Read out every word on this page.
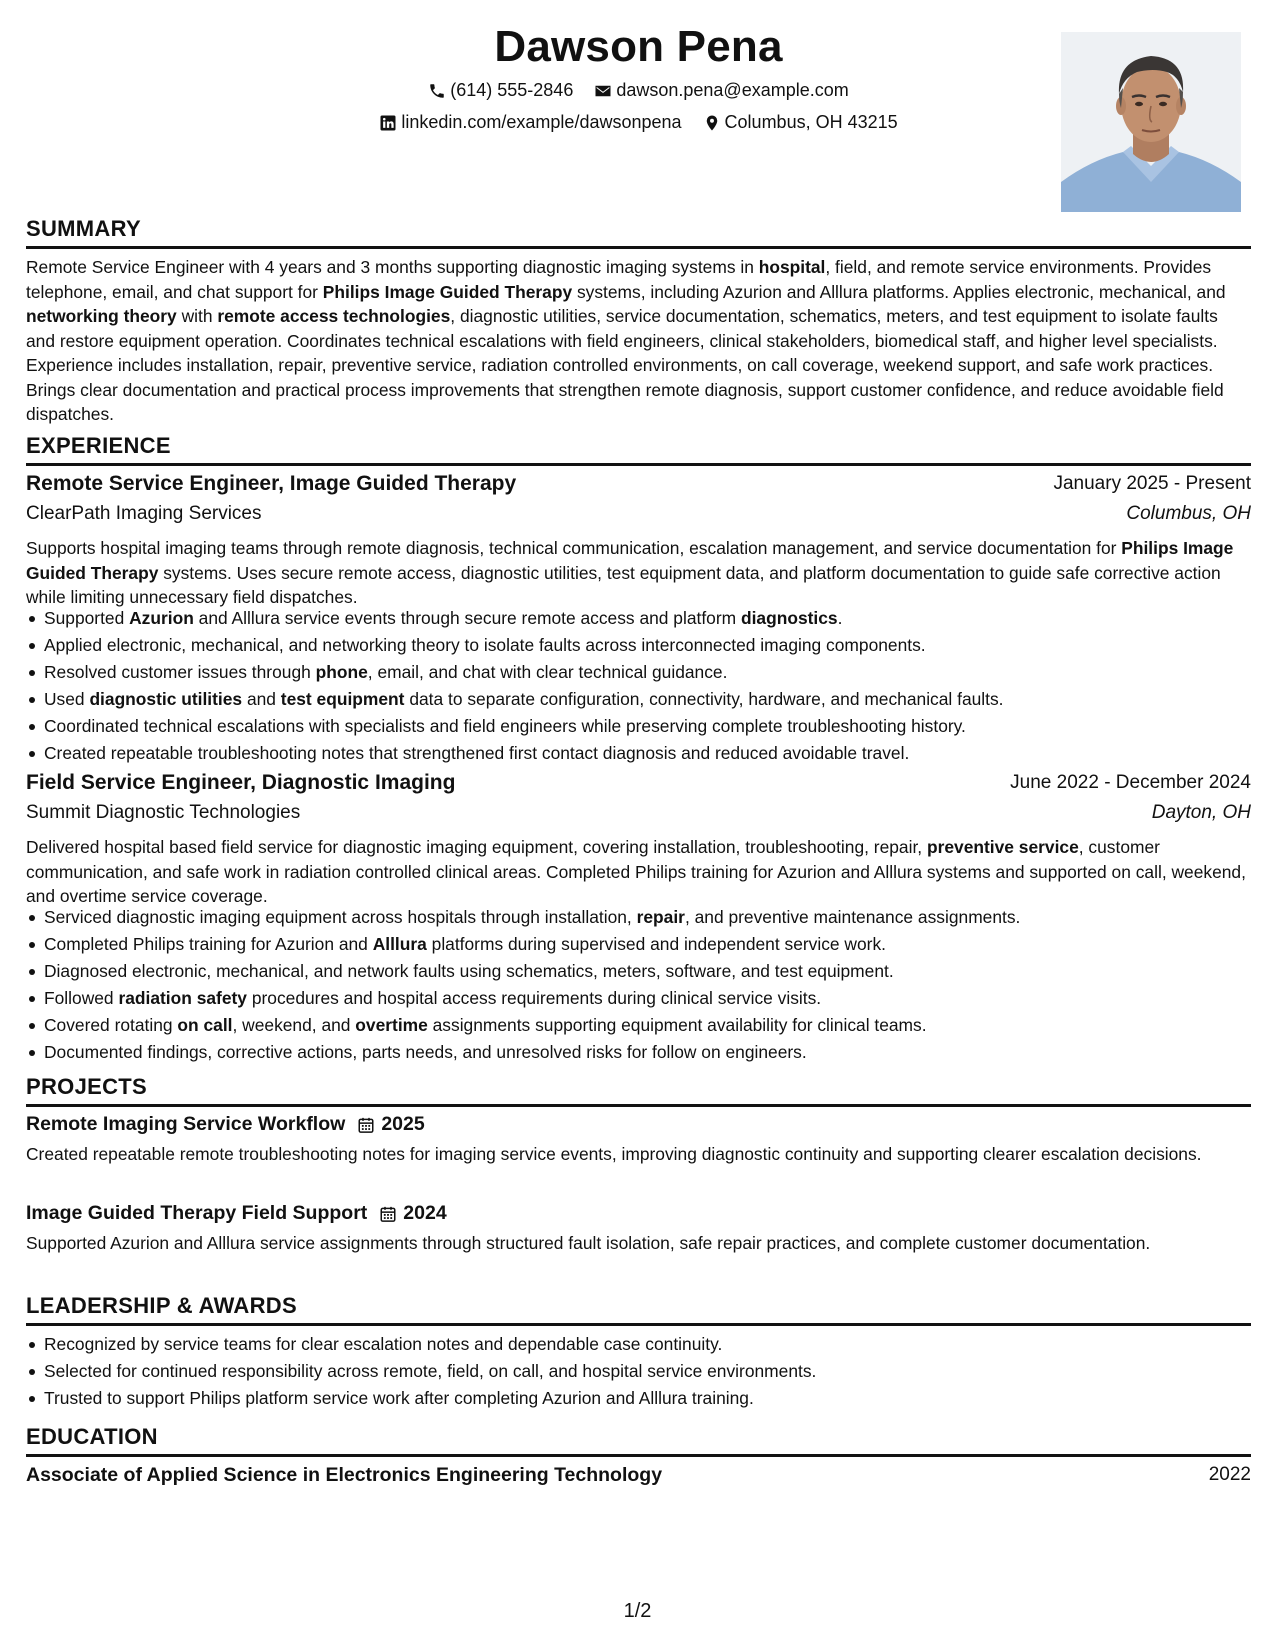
Dawson Pena
(614) 555-2846
dawson.pena@example.com
linkedin.com/example/dawsonpena
Columbus, OH 43215
SUMMARY
Remote Service Engineer with 4 years and 3 months supporting diagnostic imaging systems in hospital, field, and remote service environments. Provides telephone, email, and chat support for Philips Image Guided Therapy systems, including Azurion and Alllura platforms. Applies electronic, mechanical, and networking theory with remote access technologies, diagnostic utilities, service documentation, schematics, meters, and test equipment to isolate faults and restore equipment operation. Coordinates technical escalations with field engineers, clinical stakeholders, biomedical staff, and higher level specialists. Experience includes installation, repair, preventive service, radiation controlled environments, on call coverage, weekend support, and safe work practices. Brings clear documentation and practical process improvements that strengthen remote diagnosis, support customer confidence, and reduce avoidable field dispatches.
EXPERIENCE
Remote Service Engineer, Image Guided Therapy	January 2025 - Present
ClearPath Imaging Services	Columbus, OH
Supports hospital imaging teams through remote diagnosis, technical communication, escalation management, and service documentation for Philips Image Guided Therapy systems. Uses secure remote access, diagnostic utilities, test equipment data, and platform documentation to guide safe corrective action while limiting unnecessary field dispatches.
Supported Azurion and Alllura service events through secure remote access and platform diagnostics.
Applied electronic, mechanical, and networking theory to isolate faults across interconnected imaging components.
Resolved customer issues through phone, email, and chat with clear technical guidance.
Used diagnostic utilities and test equipment data to separate configuration, connectivity, hardware, and mechanical faults.
Coordinated technical escalations with specialists and field engineers while preserving complete troubleshooting history.
Created repeatable troubleshooting notes that strengthened first contact diagnosis and reduced avoidable travel.
Field Service Engineer, Diagnostic Imaging	June 2022 - December 2024
Summit Diagnostic Technologies	Dayton, OH
Delivered hospital based field service for diagnostic imaging equipment, covering installation, troubleshooting, repair, preventive service, customer communication, and safe work in radiation controlled clinical areas. Completed Philips training for Azurion and Alllura systems and supported on call, weekend, and overtime service coverage.
Serviced diagnostic imaging equipment across hospitals through installation, repair, and preventive maintenance assignments.
Completed Philips training for Azurion and Alllura platforms during supervised and independent service work.
Diagnosed electronic, mechanical, and network faults using schematics, meters, software, and test equipment.
Followed radiation safety procedures and hospital access requirements during clinical service visits.
Covered rotating on call, weekend, and overtime assignments supporting equipment availability for clinical teams.
Documented findings, corrective actions, parts needs, and unresolved risks for follow on engineers.
PROJECTS
Remote Imaging Service Workflow 2025
Created repeatable remote troubleshooting notes for imaging service events, improving diagnostic continuity and supporting clearer escalation decisions.
Image Guided Therapy Field Support 2024
Supported Azurion and Alllura service assignments through structured fault isolation, safe repair practices, and complete customer documentation.
LEADERSHIP & AWARDS
Recognized by service teams for clear escalation notes and dependable case continuity.
Selected for continued responsibility across remote, field, on call, and hospital service environments.
Trusted to support Philips platform service work after completing Azurion and Alllura training.
EDUCATION
Associate of Applied Science in Electronics Engineering Technology	2022
1/2
